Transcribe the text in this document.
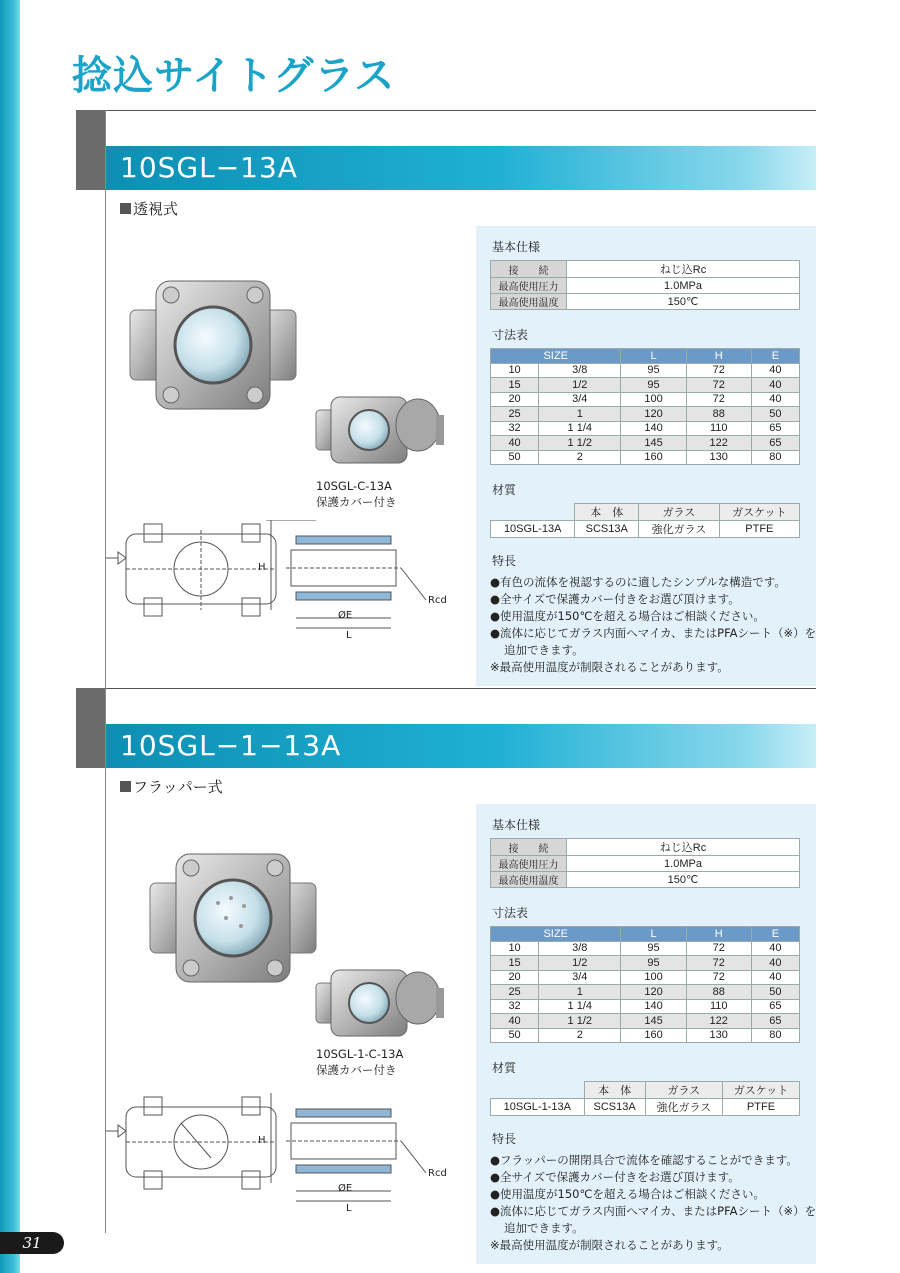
捻込サイトグラス
10SGL−13A
透視式
10SGL-C-13A
保護カバー付き
H
ØE
L
Rcd
基本仕様
接　　続	ねじ込Rc
最高使用圧力	1.0MPa
最高使用温度	150℃
寸法表
SIZE		L	H	E
10	3/8	95	72	40
15	1/2	95	72	40
20	3/4	100	72	40
25	1	120	88	50
32	1 1/4	140	110	65
40	1 1/2	145	122	65
50	2	160	130	80
材質
	本　体	ガラス	ガスケット
10SGL-13A	SCS13A	強化ガラス	PTFE
特長
●有色の流体を視認するのに適したシンプルな構造です。
●全サイズで保護カバー付きをお選び頂けます。
●使用温度が150℃を超える場合はご相談ください。
●流体に応じてガラス内面へマイカ、またはPFAシート（※）を
追加できます。
※最高使用温度が制限されることがあります。
10SGL−1−13A
フラッパー式
10SGL-1-C-13A
保護カバー付き
H
ØE
L
Rcd
基本仕様
接　　続	ねじ込Rc
最高使用圧力	1.0MPa
最高使用温度	150℃
寸法表
SIZE		L	H	E
10	3/8	95	72	40
15	1/2	95	72	40
20	3/4	100	72	40
25	1	120	88	50
32	1 1/4	140	110	65
40	1 1/2	145	122	65
50	2	160	130	80
材質
	本　体	ガラス	ガスケット
10SGL-1-13A	SCS13A	強化ガラス	PTFE
特長
●フラッパーの開閉具合で流体を確認することができます。
●全サイズで保護カバー付きをお選び頂けます。
●使用温度が150℃を超える場合はご相談ください。
●流体に応じてガラス内面へマイカ、またはPFAシート（※）を
追加できます。
※最高使用温度が制限されることがあります。
31
